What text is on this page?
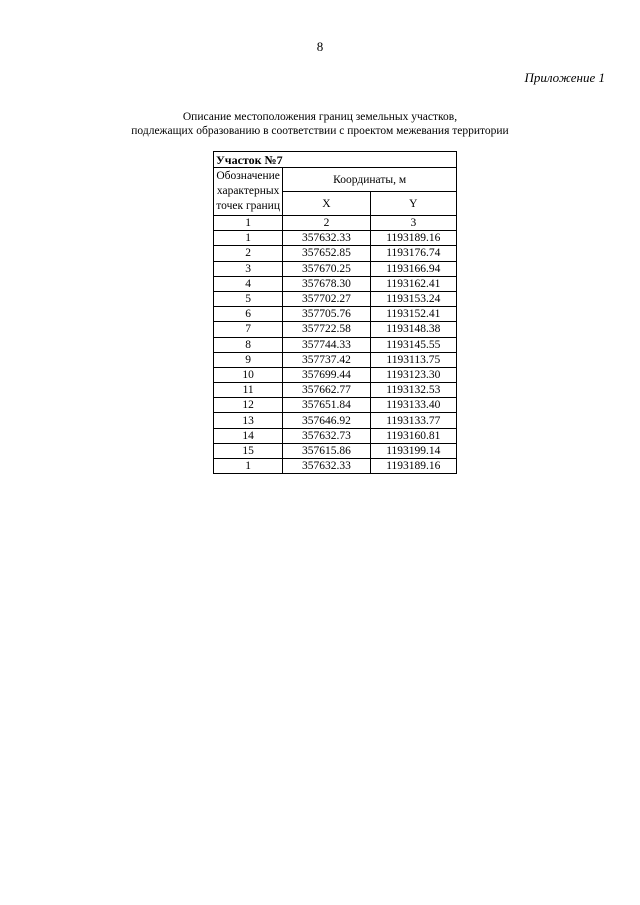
8
Приложение 1
Описание местоположения границ земельных участков,
подлежащих образованию в соответствии с проектом межевания территории
Участок №7		
Обозначение характерных точек границ	Координаты, м	
	X	Y
1	2	3
1	357632.33	1193189.16
2	357652.85	1193176.74
3	357670.25	1193166.94
4	357678.30	1193162.41
5	357702.27	1193153.24
6	357705.76	1193152.41
7	357722.58	1193148.38
8	357744.33	1193145.55
9	357737.42	1193113.75
10	357699.44	1193123.30
11	357662.77	1193132.53
12	357651.84	1193133.40
13	357646.92	1193133.77
14	357632.73	1193160.81
15	357615.86	1193199.14
1	357632.33	1193189.16
